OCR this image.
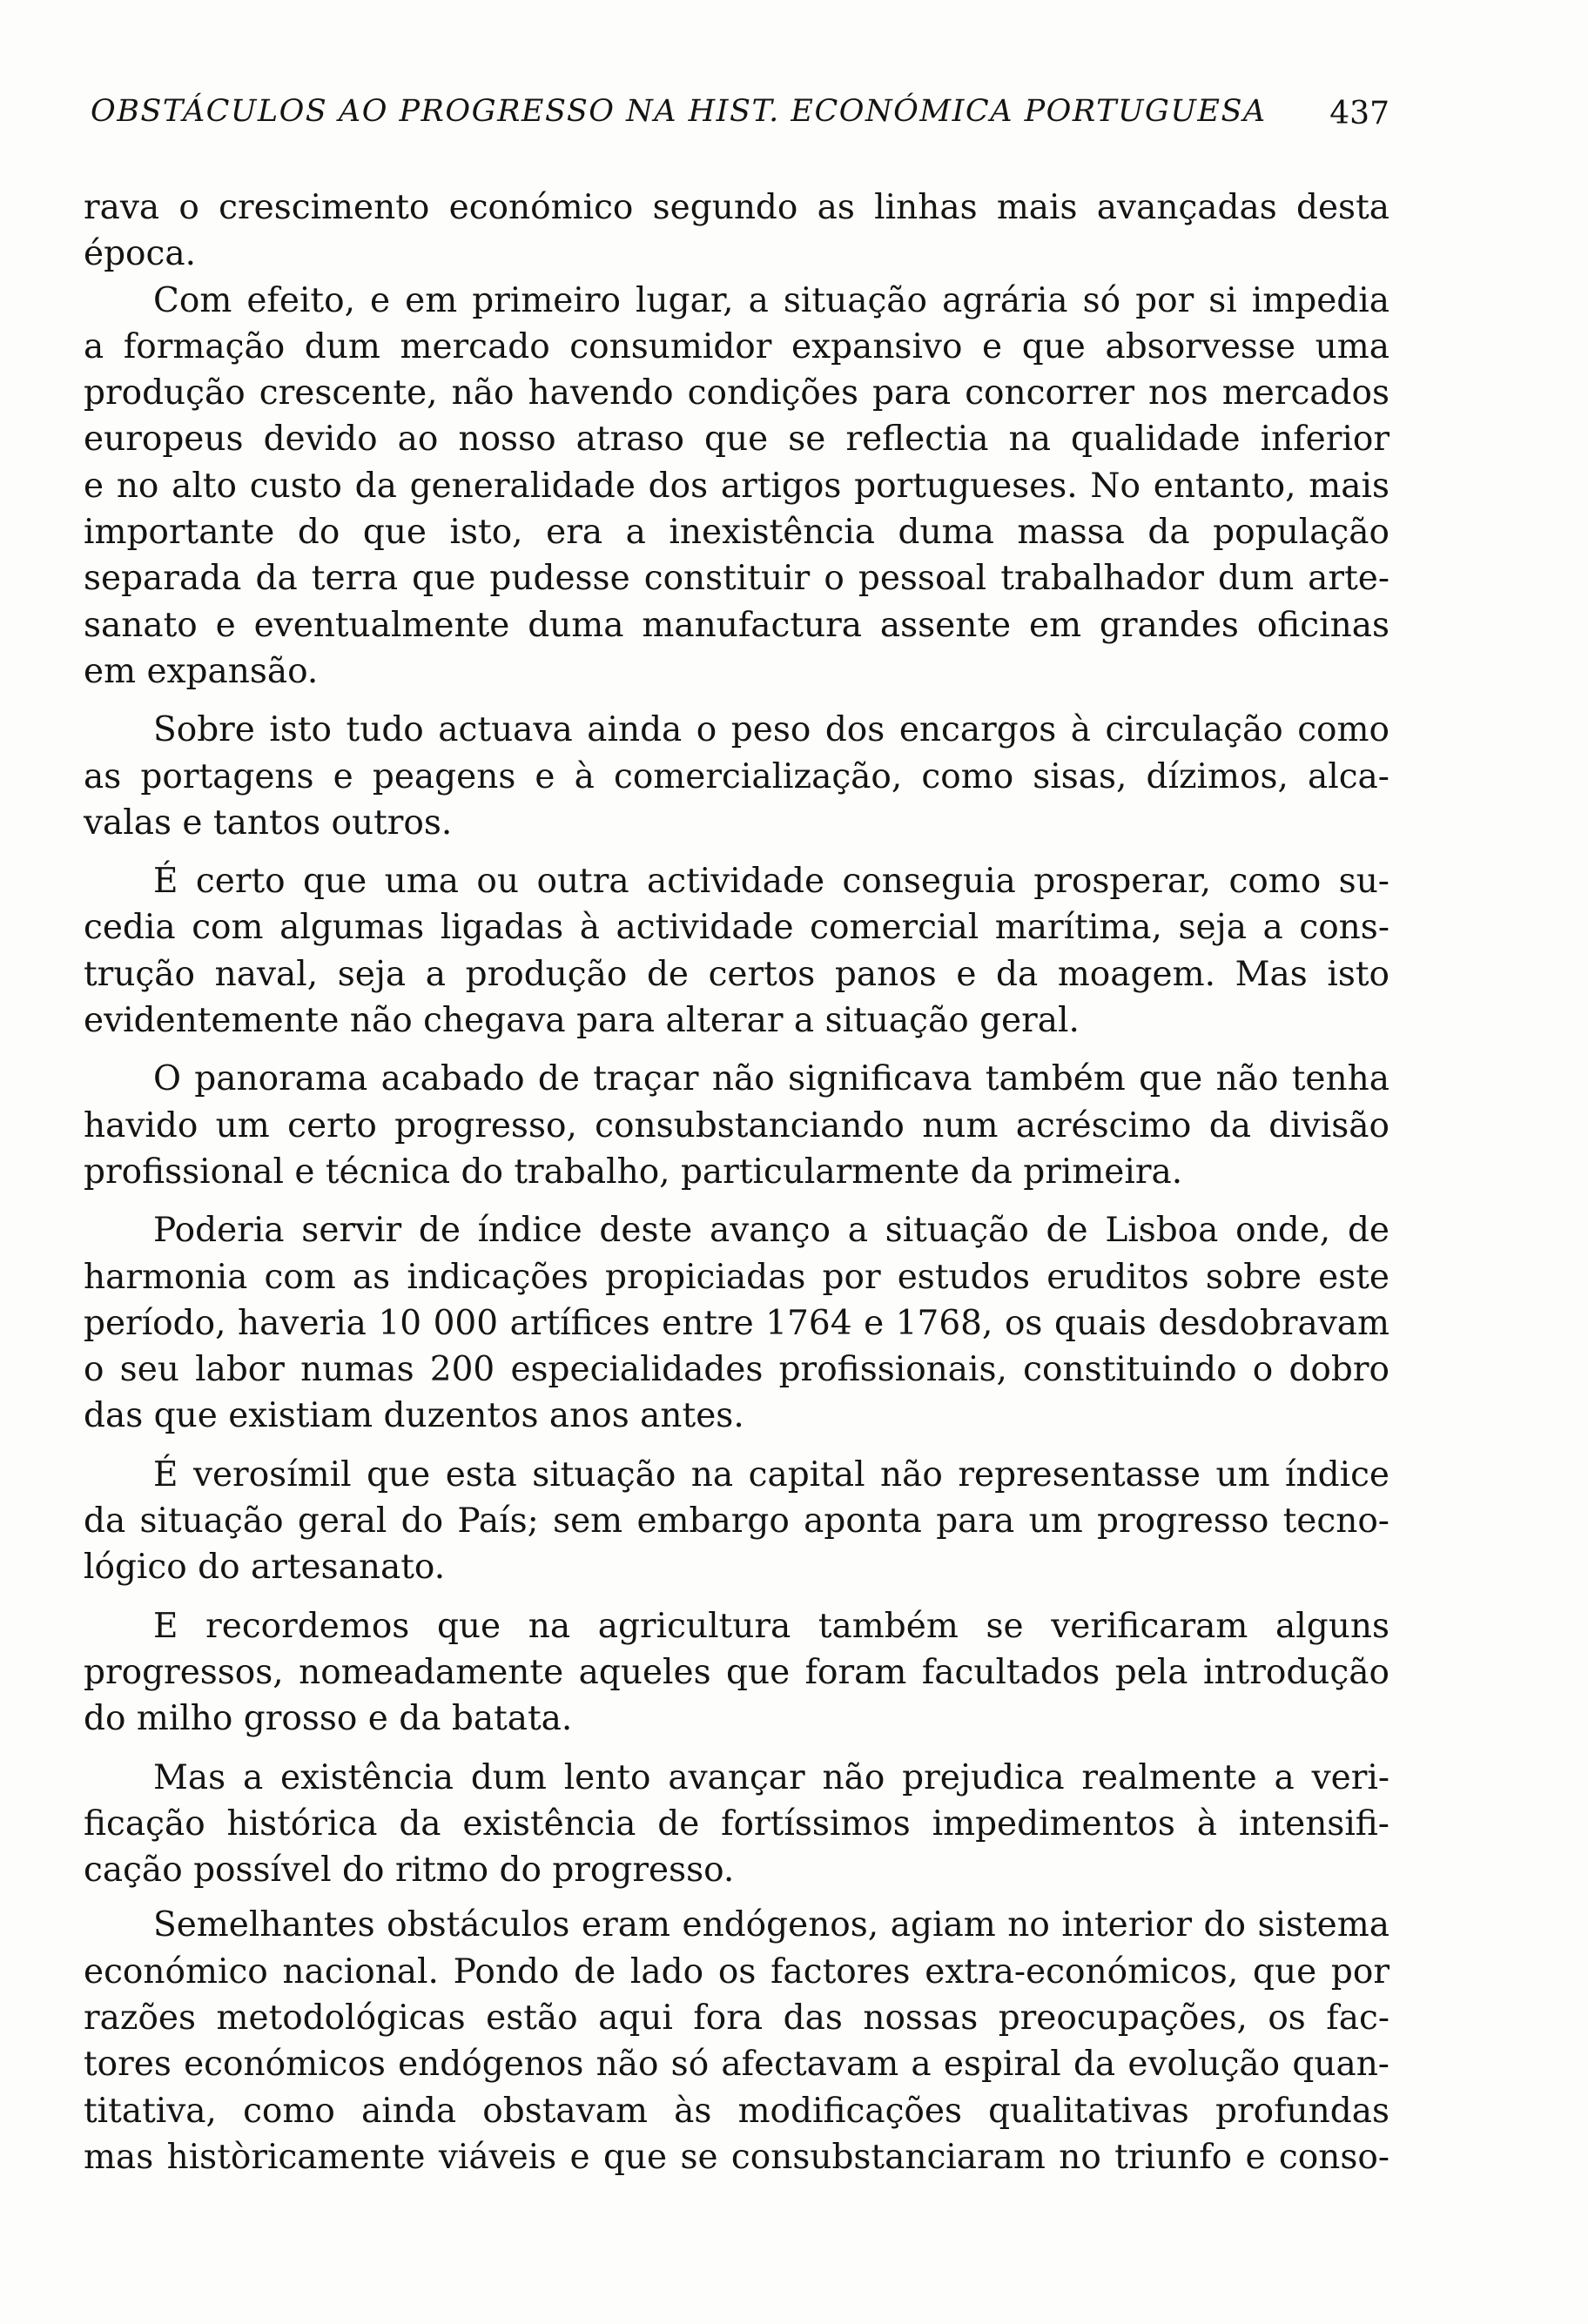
OBSTÁCULOS AO PROGRESSO NA HIST. ECONÓMICA PORTUGUESA 437
rava o crescimento económico segundo as linhas mais avançadas desta
época.
Com efeito, e em primeiro lugar, a situação agrária só por si impedia
a formação dum mercado consumidor expansivo e que absorvesse uma
produção crescente, não havendo condições para concorrer nos mercados
europeus devido ao nosso atraso que se reflectia na qualidade inferior
e no alto custo da generalidade dos artigos portugueses. No entanto, mais
importante do que isto, era a inexistência duma massa da população
separada da terra que pudesse constituir o pessoal trabalhador dum arte-
sanato e eventualmente duma manufactura assente em grandes oficinas
em expansão.
Sobre isto tudo actuava ainda o peso dos encargos à circulação como
as portagens e peagens e à comercialização, como sisas, dízimos, alca-
valas e tantos outros.
É certo que uma ou outra actividade conseguia prosperar, como su-
cedia com algumas ligadas à actividade comercial marítima, seja a cons-
trução naval, seja a produção de certos panos e da moagem. Mas isto
evidentemente não chegava para alterar a situação geral.
O panorama acabado de traçar não significava também que não tenha
havido um certo progresso, consubstanciando num acréscimo da divisão
profissional e técnica do trabalho, particularmente da primeira.
Poderia servir de índice deste avanço a situação de Lisboa onde, de
harmonia com as indicações propiciadas por estudos eruditos sobre este
período, haveria 10 000 artífices entre 1764 e 1768, os quais desdobravam
o seu labor numas 200 especialidades profissionais, constituindo o dobro
das que existiam duzentos anos antes.
É verosímil que esta situação na capital não representasse um índice
da situação geral do País; sem embargo aponta para um progresso tecno-
lógico do artesanato.
E recordemos que na agricultura também se verificaram alguns
progressos, nomeadamente aqueles que foram facultados pela introdução
do milho grosso e da batata.
Mas a existência dum lento avançar não prejudica realmente a veri-
ficação histórica da existência de fortíssimos impedimentos à intensifi-
cação possível do ritmo do progresso.
Semelhantes obstáculos eram endógenos, agiam no interior do sistema
económico nacional. Pondo de lado os factores extra-económicos, que por
razões metodológicas estão aqui fora das nossas preocupações, os fac-
tores económicos endógenos não só afectavam a espiral da evolução quan-
titativa, como ainda obstavam às modificações qualitativas profundas
mas històricamente viáveis e que se consubstanciaram no triunfo e conso-
